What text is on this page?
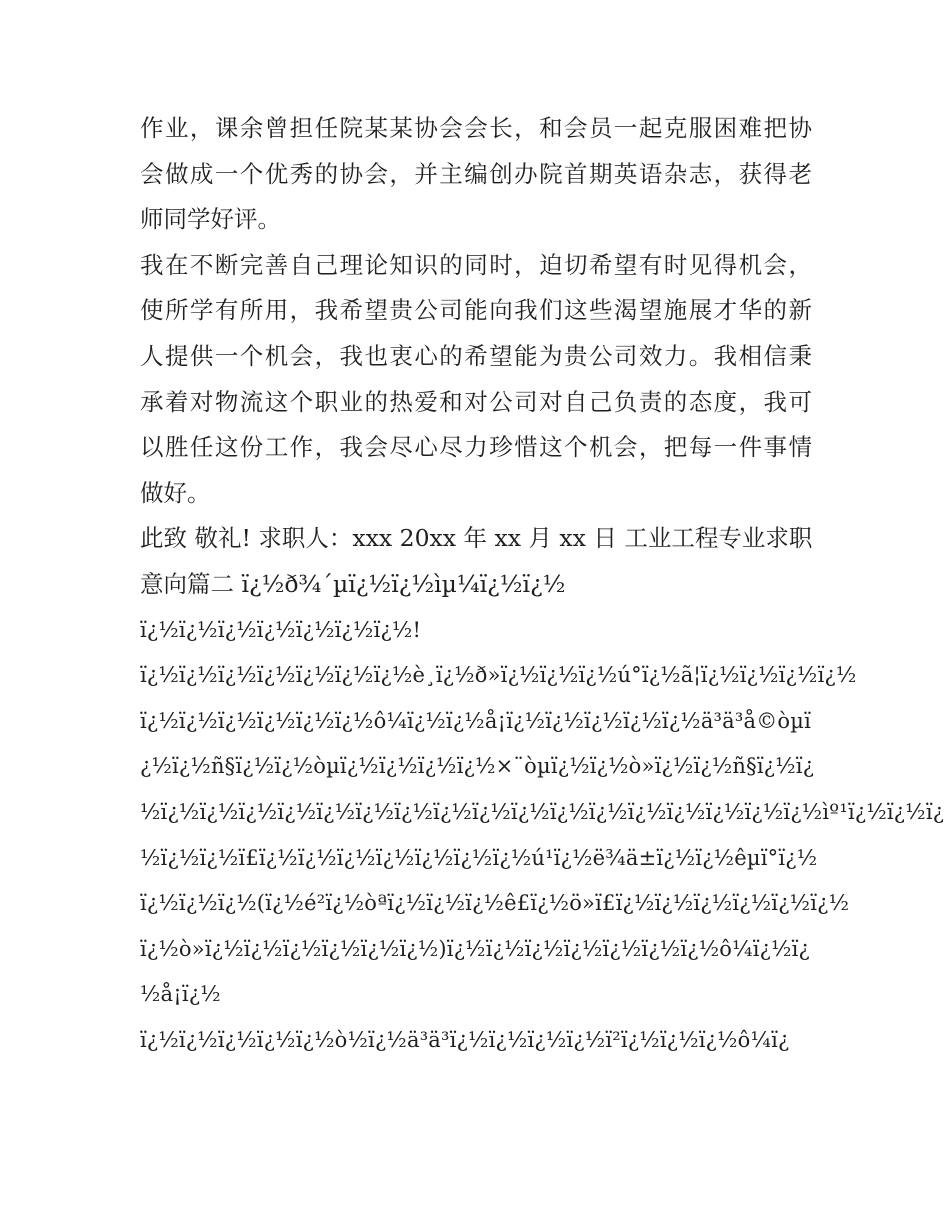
作业，课余曾担任院某某协会会长，和会员一起克服困难把协
会做成一个优秀的协会，并主编创办院首期英语杂志，获得老
师同学好评。
我在不断完善自己理论知识的同时，迫切希望有时见得机会，
使所学有所用，我希望贵公司能向我们这些渴望施展才华的新
人提供一个机会，我也衷心的希望能为贵公司效力。我相信秉
承着对物流这个职业的热爱和对公司对自己负责的态度，我可
以胜任这份工作，我会尽心尽力珍惜这个机会，把每一件事情
做好。
此致 敬礼! 求职人：xxx 20xx 年 xx 月 xx 日 工业工程专业求职
意向篇二 ï¿½ð¾´µï¿½ï¿½ìµ¼ï¿½ï¿½
ï¿½ï¿½ï¿½ï¿½ï¿½ï¿½ï¿½!
ï¿½ï¿½ï¿½ï¿½ï¿½ï¿½ï¿½è¸ï¿½ð»ï¿½ï¿½ï¿½ú°ï¿½ã¦ï¿½ï¿½ï¿½ï¿½
ï¿½ï¿½ï¿½ï¿½ï¿½ï¿½ô¼ï¿½ï¿½å¡ï¿½ï¿½ï¿½ï¿½ï¿½ä³ä³å©òµï
¿½ï¿½ñ§ï¿½ï¿½òµï¿½ï¿½ï¿½ï¿½×¨òµï¿½ï¿½ò»ï¿½ï¿½ñ§ï¿½ï¿
½ï¿½ï¿½ï¿½ï¿½ï¿½ï¿½ï¿½ï¿½ï¿½ï¿½ï¿½ï¿½ï¿½ï¿½ï¿½ï¿½ï¿½ìº¹ï¿½ï¿½ï¿
½ï¿½ï¿½ï£ï¿½ï¿½ï¿½ï¿½ï¿½ï¿½ï¿½ú¹ï¿½ë¾ä±ï¿½ï¿½êµï°ï¿½
ï¿½ï¿½ï¿½(ï¿½é²ï¿½òªï¿½ï¿½ï¿½ê£ï¿½ö»ï£ï¿½ï¿½ï¿½ï¿½ï¿½ï¿½
ï¿½ò»ï¿½ï¿½ï¿½ï¿½ï¿½ï¿½)ï¿½ï¿½ï¿½ï¿½ï¿½ï¿½ï¿½ô¼ï¿½ï¿
½å¡ï¿½
ï¿½ï¿½ï¿½ï¿½ï¿½ò½ï¿½ä³ä³ï¿½ï¿½ï¿½ï¿½ï²ï¿½ï¿½ï¿½ô¼ï¿
